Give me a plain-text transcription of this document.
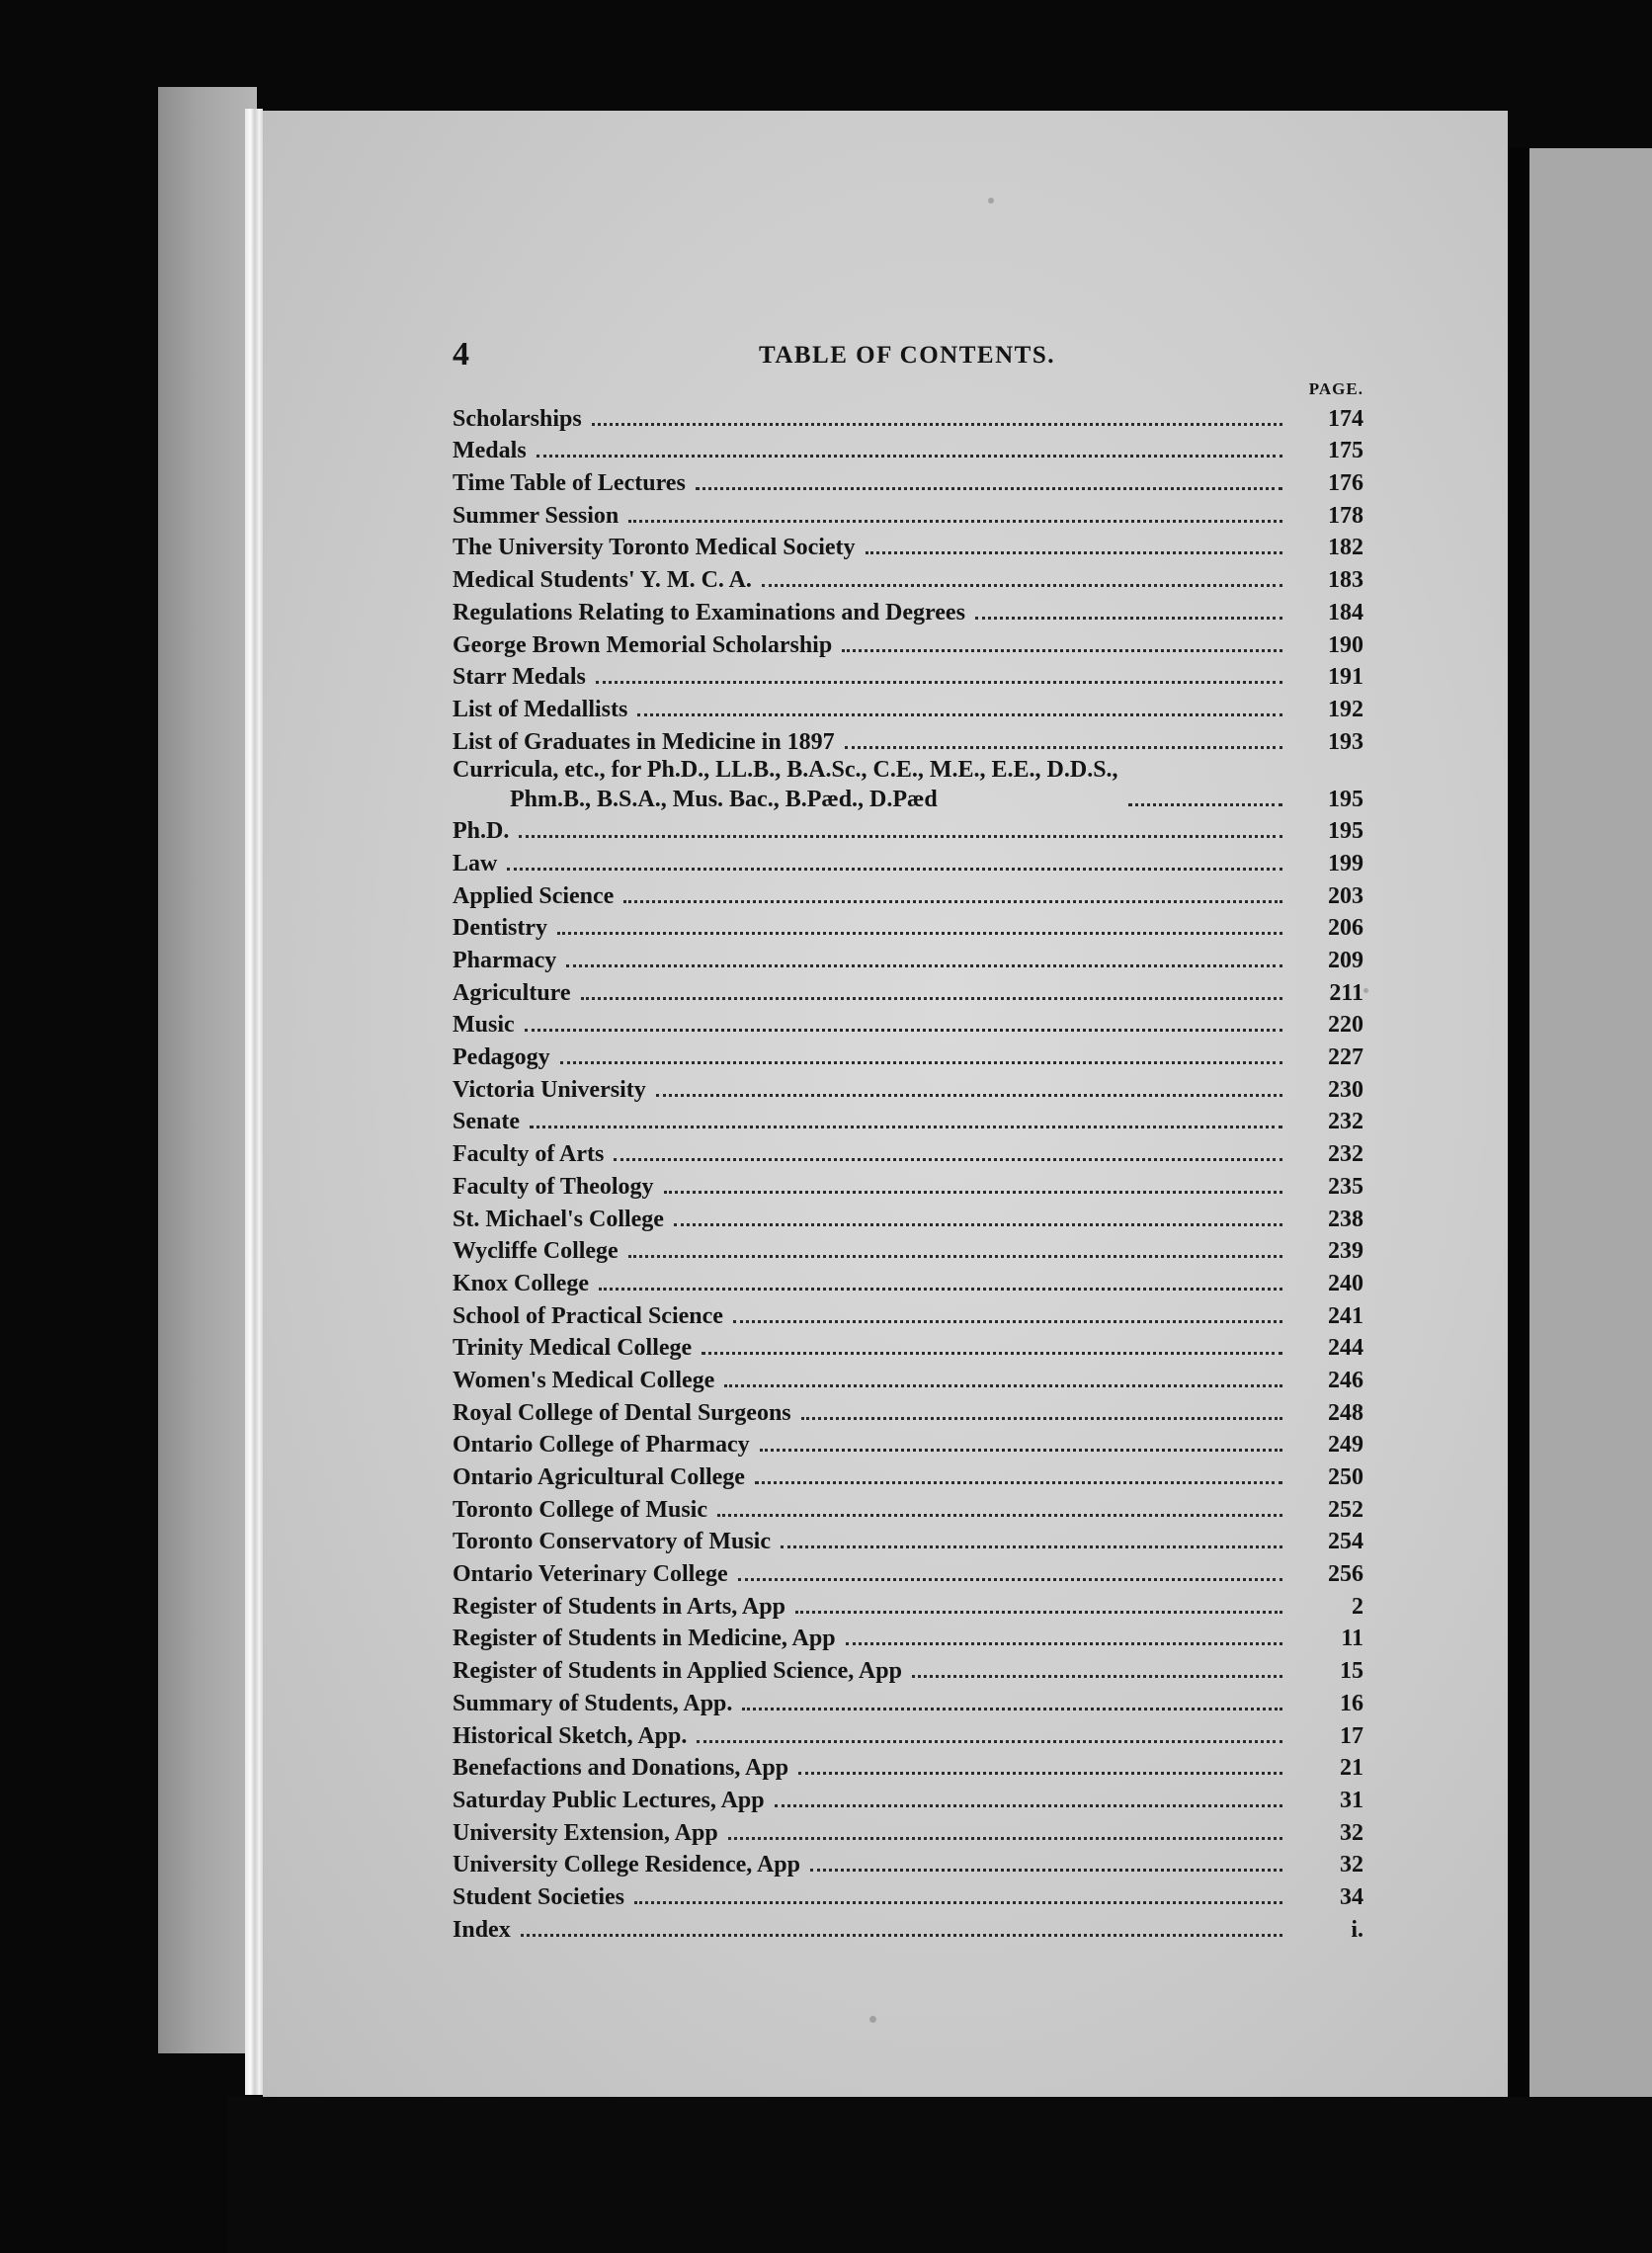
4	TABLE OF CONTENTS.
PAGE.
Scholarships	174
Medals	175
Time Table of Lectures	176
Summer Session	178
The University Toronto Medical Society	182
Medical Students' Y. M. C. A.	183
Regulations Relating to Examinations and Degrees	184
George Brown Memorial Scholarship	190
Starr Medals	191
List of Medallists	192
List of Graduates in Medicine in 1897	193
Curricula, etc., for Ph.D., LL.B., B.A.Sc., C.E., M.E., E.E., D.D.S.,
Phm.B., B.S.A., Mus. Bac., B.Pæd., D.Pæd	195
Ph.D.	195
Law	199
Applied Science	203
Dentistry	206
Pharmacy	209
Agriculture	211
Music	220
Pedagogy	227
Victoria University	230
Senate	232
Faculty of Arts	232
Faculty of Theology	235
St. Michael's College	238
Wycliffe College	239
Knox College	240
School of Practical Science	241
Trinity Medical College	244
Women's Medical College	246
Royal College of Dental Surgeons	248
Ontario College of Pharmacy	249
Ontario Agricultural College	250
Toronto College of Music	252
Toronto Conservatory of Music	254
Ontario Veterinary College	256
Register of Students in Arts, App	2
Register of Students in Medicine, App	11
Register of Students in Applied Science, App	15
Summary of Students, App.	16
Historical Sketch, App.	17
Benefactions and Donations, App	21
Saturday Public Lectures, App	31
University Extension, App	32
University College Residence, App	32
Student Societies	34
Index	i.
